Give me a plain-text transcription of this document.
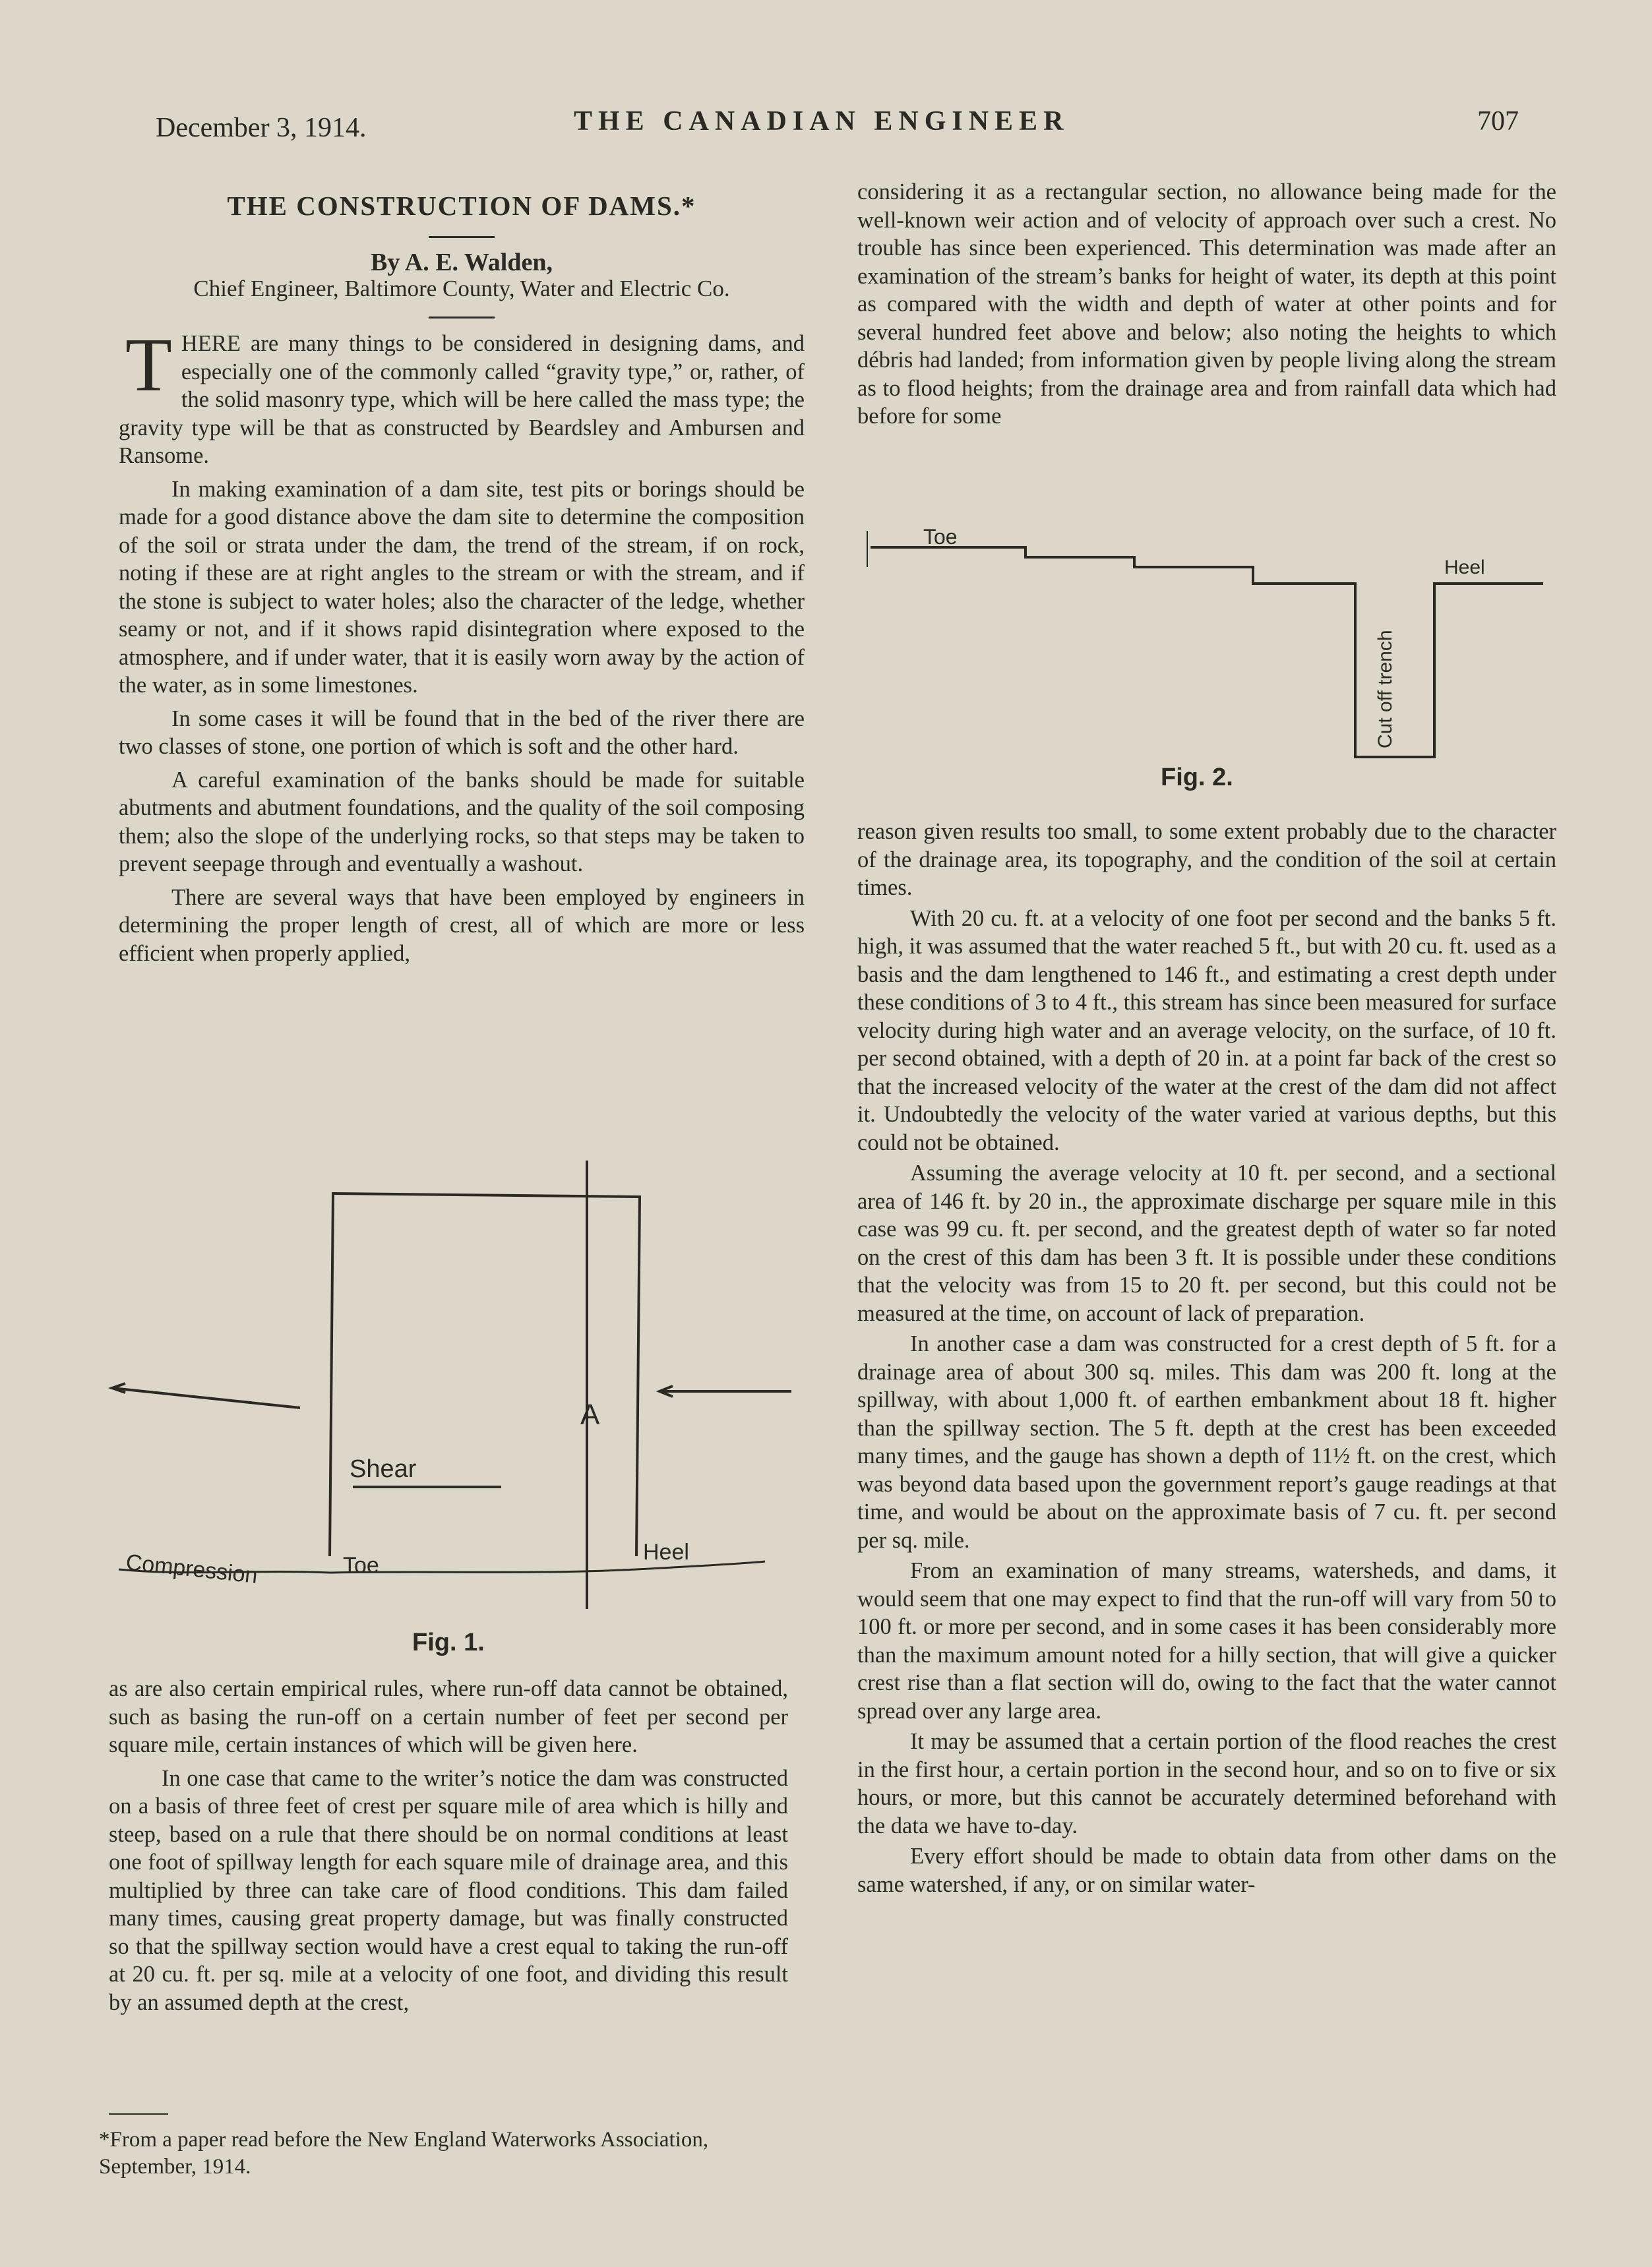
December 3, 1914.	THE CANADIAN ENGINEER	707
THE CONSTRUCTION OF DAMS.*
By A. E. Walden,
Chief Engineer, Baltimore County, Water and Electric Co.

THERE are many things to be considered in designing dams, and especially one of the commonly called “gravity type,” or, rather, of the solid masonry type, which will be here called the mass type; the gravity type will be that as constructed by Beardsley and Ambursen and Ransome.

In making examination of a dam site, test pits or borings should be made for a good distance above the dam site to determine the composition of the soil or strata under the dam, the trend of the stream, if on rock, noting if these are at right angles to the stream or with the stream, and if the stone is subject to water holes; also the character of the ledge, whether seamy or not, and if it shows rapid disintegration where exposed to the atmosphere, and if under water, that it is easily worn away by the action of the water, as in some limestones.

In some cases it will be found that in the bed of the river there are two classes of stone, one portion of which is soft and the other hard.

A careful examination of the banks should be made for suitable abutments and abutment foundations, and the quality of the soil composing them; also the slope of the underlying rocks, so that steps may be taken to prevent seepage through and eventually a washout.

There are several ways that have been employed by engineers in determining the proper length of crest, all of which are more or less efficient when properly applied,

A
Shear
Compression	Toe
Heel
Fig. 1.

as are also certain empirical rules, where run-off data cannot be obtained, such as basing the run-off on a certain number of feet per second per square mile, certain instances of which will be given here.

In one case that came to the writer’s notice the dam was constructed on a basis of three feet of crest per square mile of area which is hilly and steep, based on a rule that there should be on normal conditions at least one foot of spillway length for each square mile of drainage area, and this multiplied by three can take care of flood conditions. This dam failed many times, causing great property damage, but was finally constructed so that the spillway section would have a crest equal to taking the run-off at 20 cu. ft. per sq. mile at a velocity of one foot, and dividing this result by an assumed depth at the crest,

*From a paper read before the New England Waterworks Association, September, 1914.

considering it as a rectangular section, no allowance being made for the well-known weir action and of velocity of approach over such a crest. No trouble has since been experienced. This determination was made after an examination of the stream’s banks for height of water, its depth at this point as compared with the width and depth of water at other points and for several hundred feet above and below; also noting the heights to which débris had landed; from information given by people living along the stream as to flood heights; from the drainage area and from rainfall data which had before for some

Toe
Heel
Cut off trench
Fig. 2.

reason given results too small, to some extent probably due to the character of the drainage area, its topography, and the condition of the soil at certain times.

With 20 cu. ft. at a velocity of one foot per second and the banks 5 ft. high, it was assumed that the water reached 5 ft., but with 20 cu. ft. used as a basis and the dam lengthened to 146 ft., and estimating a crest depth under these conditions of 3 to 4 ft., this stream has since been measured for surface velocity during high water and an average velocity, on the surface, of 10 ft. per second obtained, with a depth of 20 in. at a point far back of the crest so that the increased velocity of the water at the crest of the dam did not affect it. Undoubtedly the velocity of the water varied at various depths, but this could not be obtained.

Assuming the average velocity at 10 ft. per second, and a sectional area of 146 ft. by 20 in., the approximate discharge per square mile in this case was 99 cu. ft. per second, and the greatest depth of water so far noted on the crest of this dam has been 3 ft. It is possible under these conditions that the velocity was from 15 to 20 ft. per second, but this could not be measured at the time, on account of lack of preparation.

In another case a dam was constructed for a crest depth of 5 ft. for a drainage area of about 300 sq. miles. This dam was 200 ft. long at the spillway, with about 1,000 ft. of earthen embankment about 18 ft. higher than the spillway section. The 5 ft. depth at the crest has been exceeded many times, and the gauge has shown a depth of 11½ ft. on the crest, which was beyond data based upon the government report’s gauge readings at that time, and would be about on the approximate basis of 7 cu. ft. per second per sq. mile.

From an examination of many streams, watersheds, and dams, it would seem that one may expect to find that the run-off will vary from 50 to 100 ft. or more per second, and in some cases it has been considerably more than the maximum amount noted for a hilly section, that will give a quicker crest rise than a flat section will do, owing to the fact that the water cannot spread over any large area.

It may be assumed that a certain portion of the flood reaches the crest in the first hour, a certain portion in the second hour, and so on to five or six hours, or more, but this cannot be accurately determined beforehand with the data we have to-day.

Every effort should be made to obtain data from other dams on the same watershed, if any, or on similar water-
